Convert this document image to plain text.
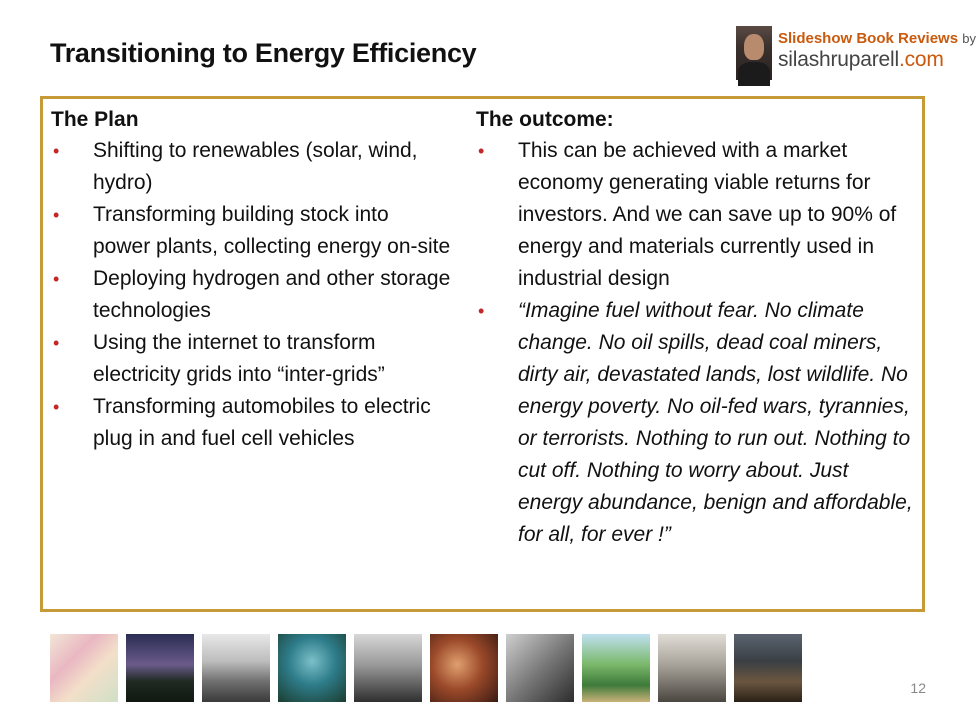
Transitioning to Energy Efficiency	Slideshow Book Reviews by
silashruparell.com
The Plan
• Shifting to renewables (solar, wind, hydro)
• Transforming building stock into power plants, collecting energy on-site
• Deploying hydrogen and other storage technologies
• Using the internet to transform electricity grids into “inter-grids”
• Transforming automobiles to electric plug in and fuel cell vehicles
The outcome:
• This can be achieved with a market economy generating viable returns for investors. And we can save up to 90% of energy and materials currently used in industrial design
• “Imagine fuel without fear. No climate change. No oil spills, dead coal miners, dirty air, devastated lands, lost wildlife. No energy poverty. No oil-fed wars, tyrannies, or terrorists. Nothing to run out. Nothing to cut off. Nothing to worry about. Just energy abundance, benign and affordable, for all, for ever !”
12
